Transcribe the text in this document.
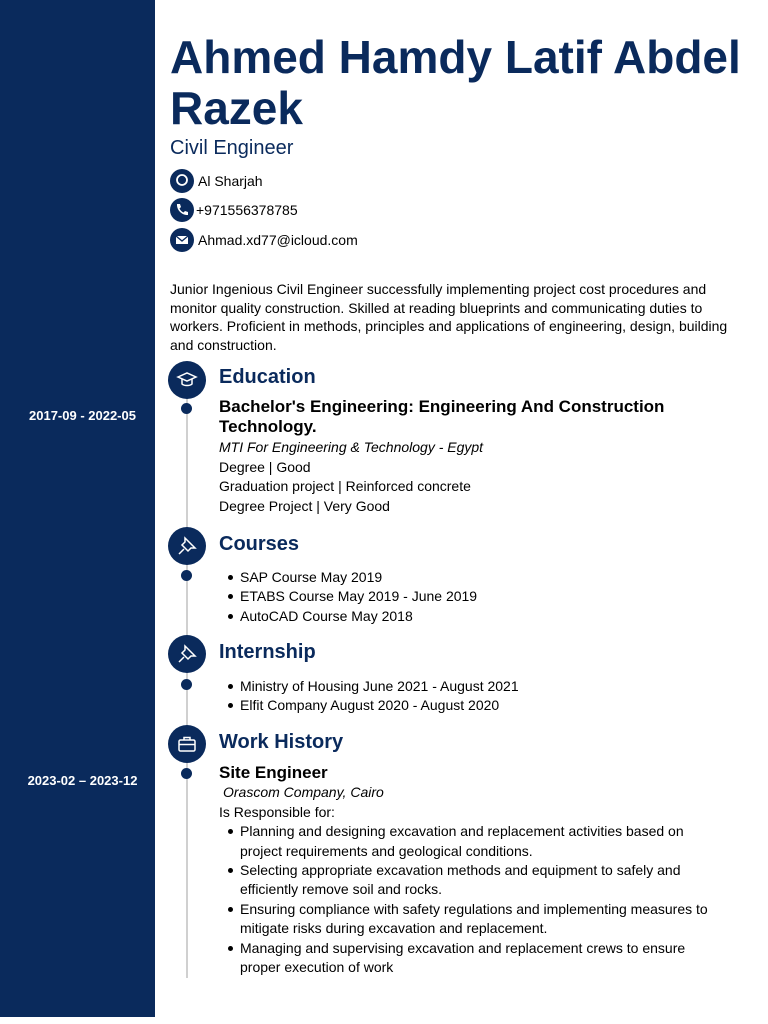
2017-09 - 2022-05
2023-02 – 2023-12
Ahmed Hamdy Latif Abdel Razek
Civil Engineer
Al Sharjah
+971556378785
Ahmad.xd77@icloud.com

Junior Ingenious Civil Engineer successfully implementing project cost procedures and monitor quality construction. Skilled at reading blueprints and communicating duties to workers. Proficient in methods, principles and applications of engineering, design, building and construction.

Education
Bachelor's Engineering: Engineering And Construction Technology.
MTI For Engineering & Technology - Egypt
Degree | Good
Graduation project | Reinforced concrete
Degree Project | Very Good
Courses
SAP Course May 2019
ETABS Course May 2019 - June 2019
AutoCAD Course May 2018
Internship
Ministry of Housing June 2021 - August 2021
Elfit Company August 2020 - August 2020
Work History
Site Engineer
Orascom Company, Cairo
Is Responsible for:
Planning and designing excavation and replacement activities based on project requirements and geological conditions.
Selecting appropriate excavation methods and equipment to safely and efficiently remove soil and rocks.
Ensuring compliance with safety regulations and implementing measures to mitigate risks during excavation and replacement.
Managing and supervising excavation and replacement crews to ensure proper execution of work
